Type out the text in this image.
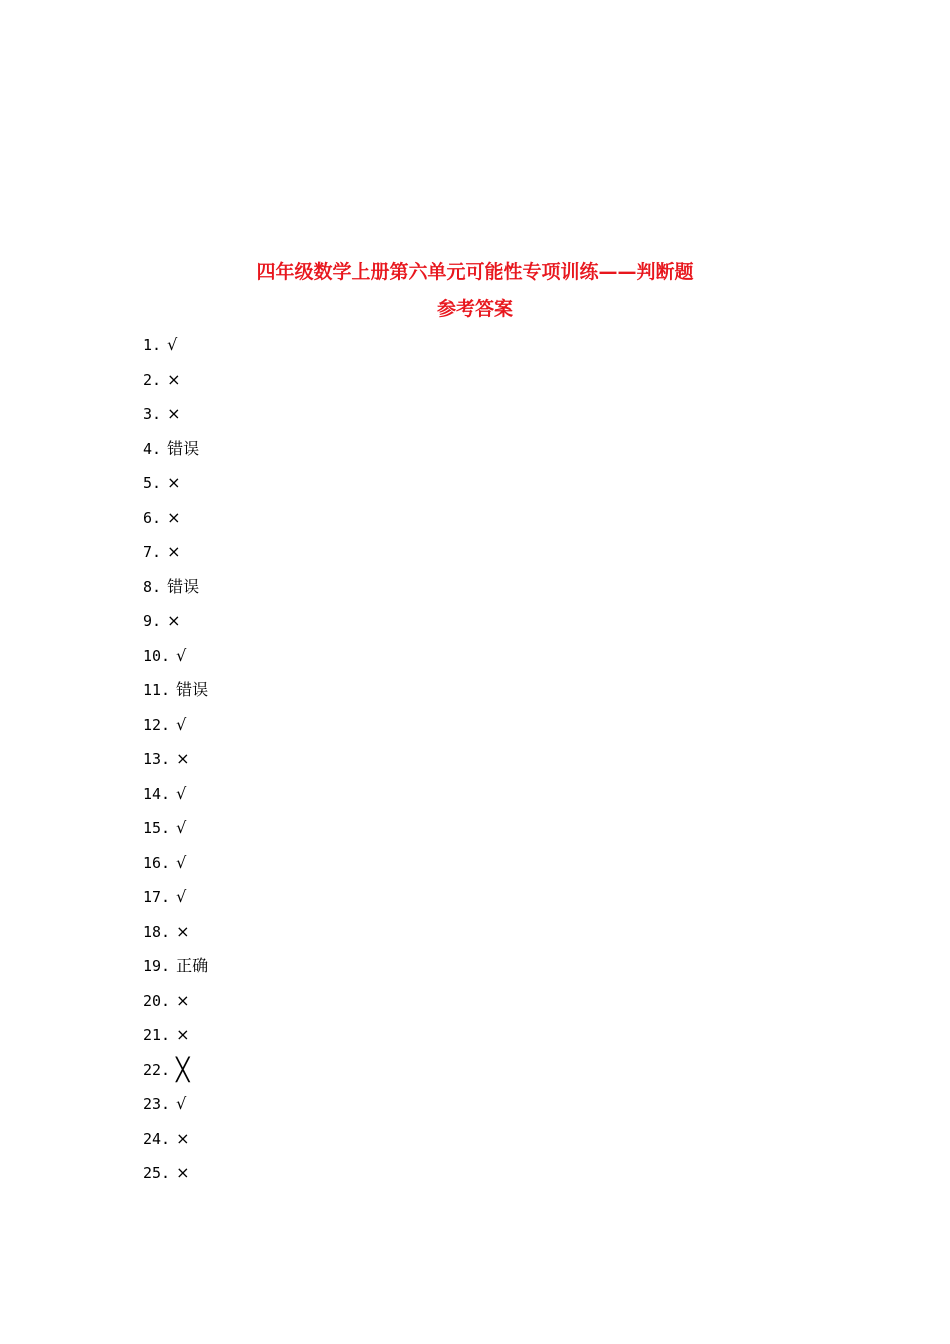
四年级数学上册第六单元可能性专项训练——判断题
参考答案
1. √
2. ×
3. ×
4. 错误
5. ×
6. ×
7. ×
8. 错误
9. ×
10. √
11. 错误
12. √
13. ×
14. √
15. √
16. √
17. √
18. ×
19. 正确
20. ×
21. ×
22. ╳
23. √
24. ×
25. ×
